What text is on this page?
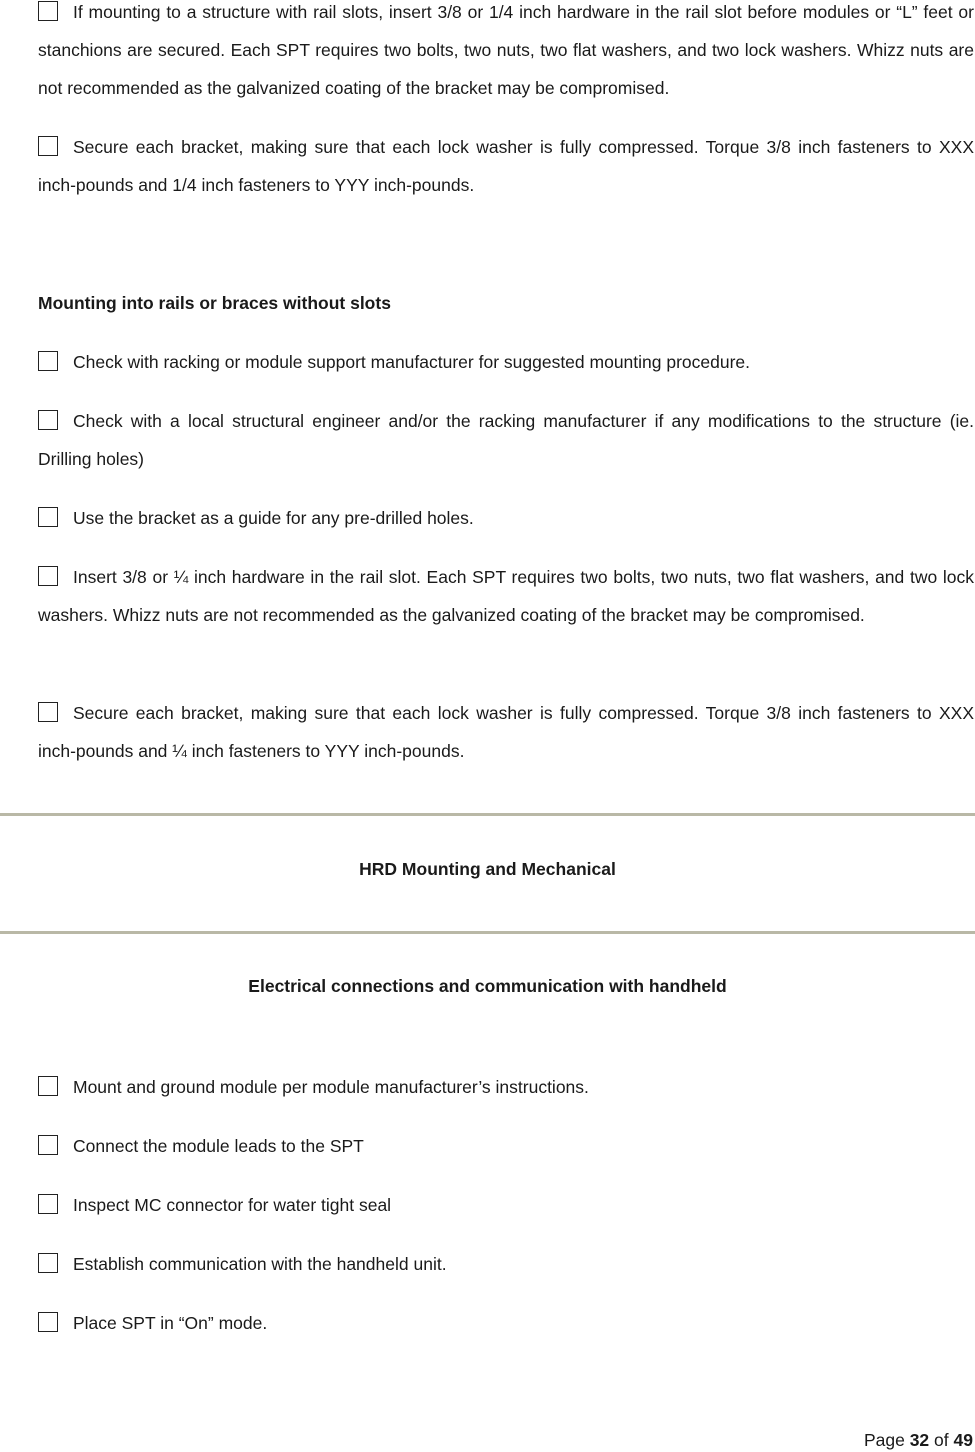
If mounting to a structure with rail slots, insert 3/8 or 1/4 inch hardware in the rail slot before modules or “L” feet or stanchions are secured. Each SPT requires two bolts, two nuts, two flat washers, and two lock washers. Whizz nuts are not recommended as the galvanized coating of the bracket may be compromised.
Secure each bracket, making sure that each lock washer is fully compressed. Torque 3/8 inch fasteners to XXX inch-pounds and 1/4 inch fasteners to YYY inch-pounds.
Mounting into rails or braces without slots
Check with racking or module support manufacturer for suggested mounting procedure.
Check with a local structural engineer and/or the racking manufacturer if any modifications to the structure (ie. Drilling holes)
Use the bracket as a guide for any pre-drilled holes.
Insert 3/8 or ¼ inch hardware in the rail slot. Each SPT requires two bolts, two nuts, two flat washers, and two lock washers. Whizz nuts are not recommended as the galvanized coating of the bracket may be compromised.
Secure each bracket, making sure that each lock washer is fully compressed. Torque 3/8 inch fasteners to XXX inch-pounds and ¼ inch fasteners to YYY inch-pounds.
HRD Mounting and Mechanical
Electrical connections and communication with handheld
Mount and ground module per module manufacturer’s instructions.
Connect the module leads to the SPT
Inspect MC connector for water tight seal
Establish communication with the handheld unit.
Place SPT in “On” mode.
Page 32 of 49
